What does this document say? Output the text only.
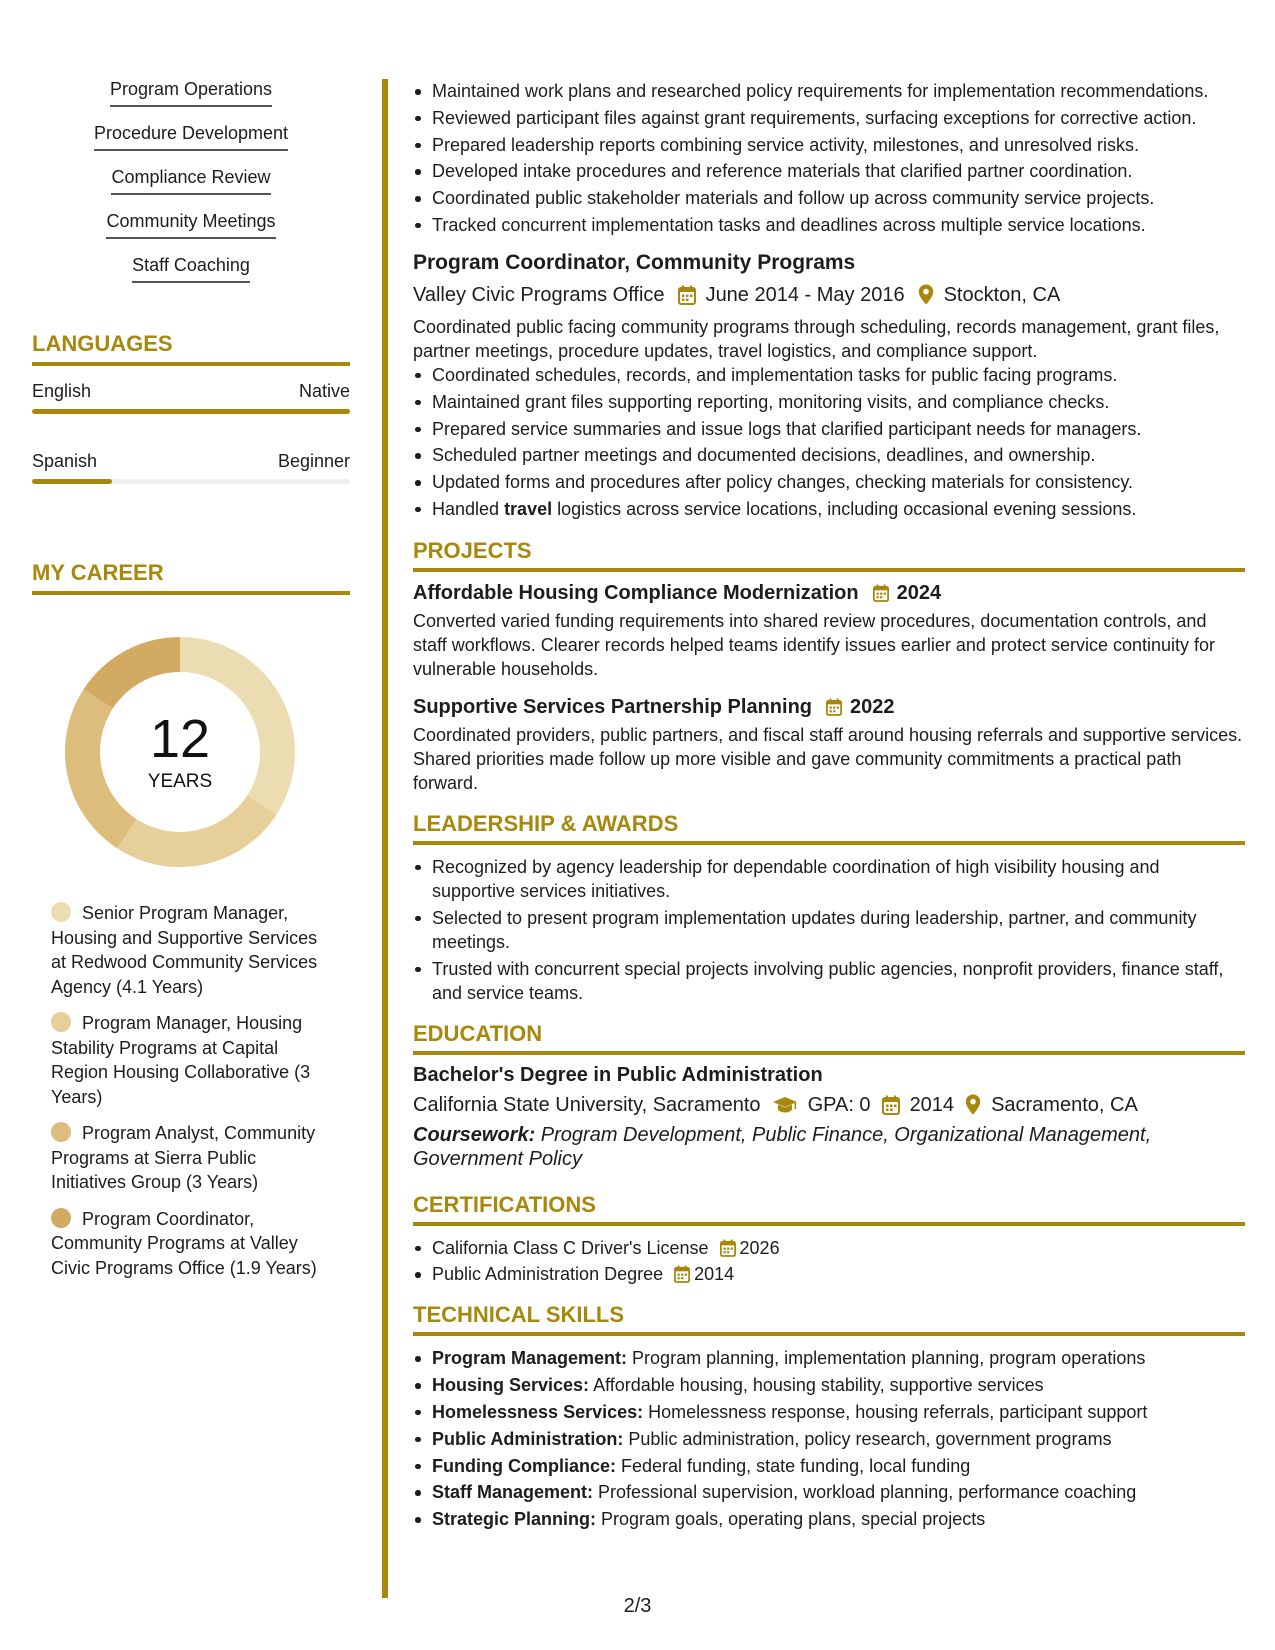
Program Operations
Procedure Development
Compliance Review
Community Meetings
Staff Coaching
LANGUAGES
English	Native
Spanish	Beginner
MY CAREER
12
YEARS
Senior Program Manager, Housing and Supportive Services at Redwood Community Services Agency (4.1 Years)
Program Manager, Housing Stability Programs at Capital Region Housing Collaborative (3 Years)
Program Analyst, Community Programs at Sierra Public Initiatives Group (3 Years)
Program Coordinator, Community Programs at Valley Civic Programs Office (1.9 Years)
Maintained work plans and researched policy requirements for implementation recommendations.
Reviewed participant files against grant requirements, surfacing exceptions for corrective action.
Prepared leadership reports combining service activity, milestones, and unresolved risks.
Developed intake procedures and reference materials that clarified partner coordination.
Coordinated public stakeholder materials and follow up across community service projects.
Tracked concurrent implementation tasks and deadlines across multiple service locations.
Program Coordinator, Community Programs
Valley Civic Programs Office June 2014 - May 2016 Stockton, CA
Coordinated public facing community programs through scheduling, records management, grant files, partner meetings, procedure updates, travel logistics, and compliance support.
Coordinated schedules, records, and implementation tasks for public facing programs.
Maintained grant files supporting reporting, monitoring visits, and compliance checks.
Prepared service summaries and issue logs that clarified participant needs for managers.
Scheduled partner meetings and documented decisions, deadlines, and ownership.
Updated forms and procedures after policy changes, checking materials for consistency.
Handled travel logistics across service locations, including occasional evening sessions.
PROJECTS
Affordable Housing Compliance Modernization 2024
Converted varied funding requirements into shared review procedures, documentation controls, and staff workflows. Clearer records helped teams identify issues earlier and protect service continuity for vulnerable households.
Supportive Services Partnership Planning 2022
Coordinated providers, public partners, and fiscal staff around housing referrals and supportive services. Shared priorities made follow up more visible and gave community commitments a practical path forward.
LEADERSHIP & AWARDS
Recognized by agency leadership for dependable coordination of high visibility housing and supportive services initiatives.
Selected to present program implementation updates during leadership, partner, and community meetings.
Trusted with concurrent special projects involving public agencies, nonprofit providers, finance staff, and service teams.
EDUCATION
Bachelor's Degree in Public Administration
California State University, Sacramento GPA: 0 2014 Sacramento, CA
Coursework: Program Development, Public Finance, Organizational Management, Government Policy
CERTIFICATIONS
California Class C Driver's License 2026
Public Administration Degree 2014
TECHNICAL SKILLS
Program Management: Program planning, implementation planning, program operations
Housing Services: Affordable housing, housing stability, supportive services
Homelessness Services: Homelessness response, housing referrals, participant support
Public Administration: Public administration, policy research, government programs
Funding Compliance: Federal funding, state funding, local funding
Staff Management: Professional supervision, workload planning, performance coaching
Strategic Planning: Program goals, operating plans, special projects
2/3
